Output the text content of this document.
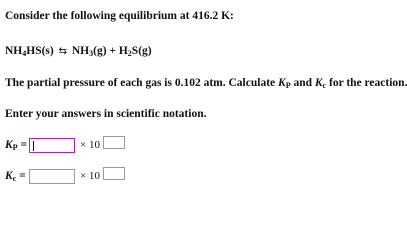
Consider the following equilibrium at 416.2 K:
$NH_4HS(s)$ ⇆ $NH_3(g) + H_2S(g)$
The partial pressure of each gas is 0.102 atm. Calculate $K_P$ and $K_c$ for the reaction.
Enter your answers in scientific notation.
$K_P$ =	× 10
$K_c$ =	× 10
